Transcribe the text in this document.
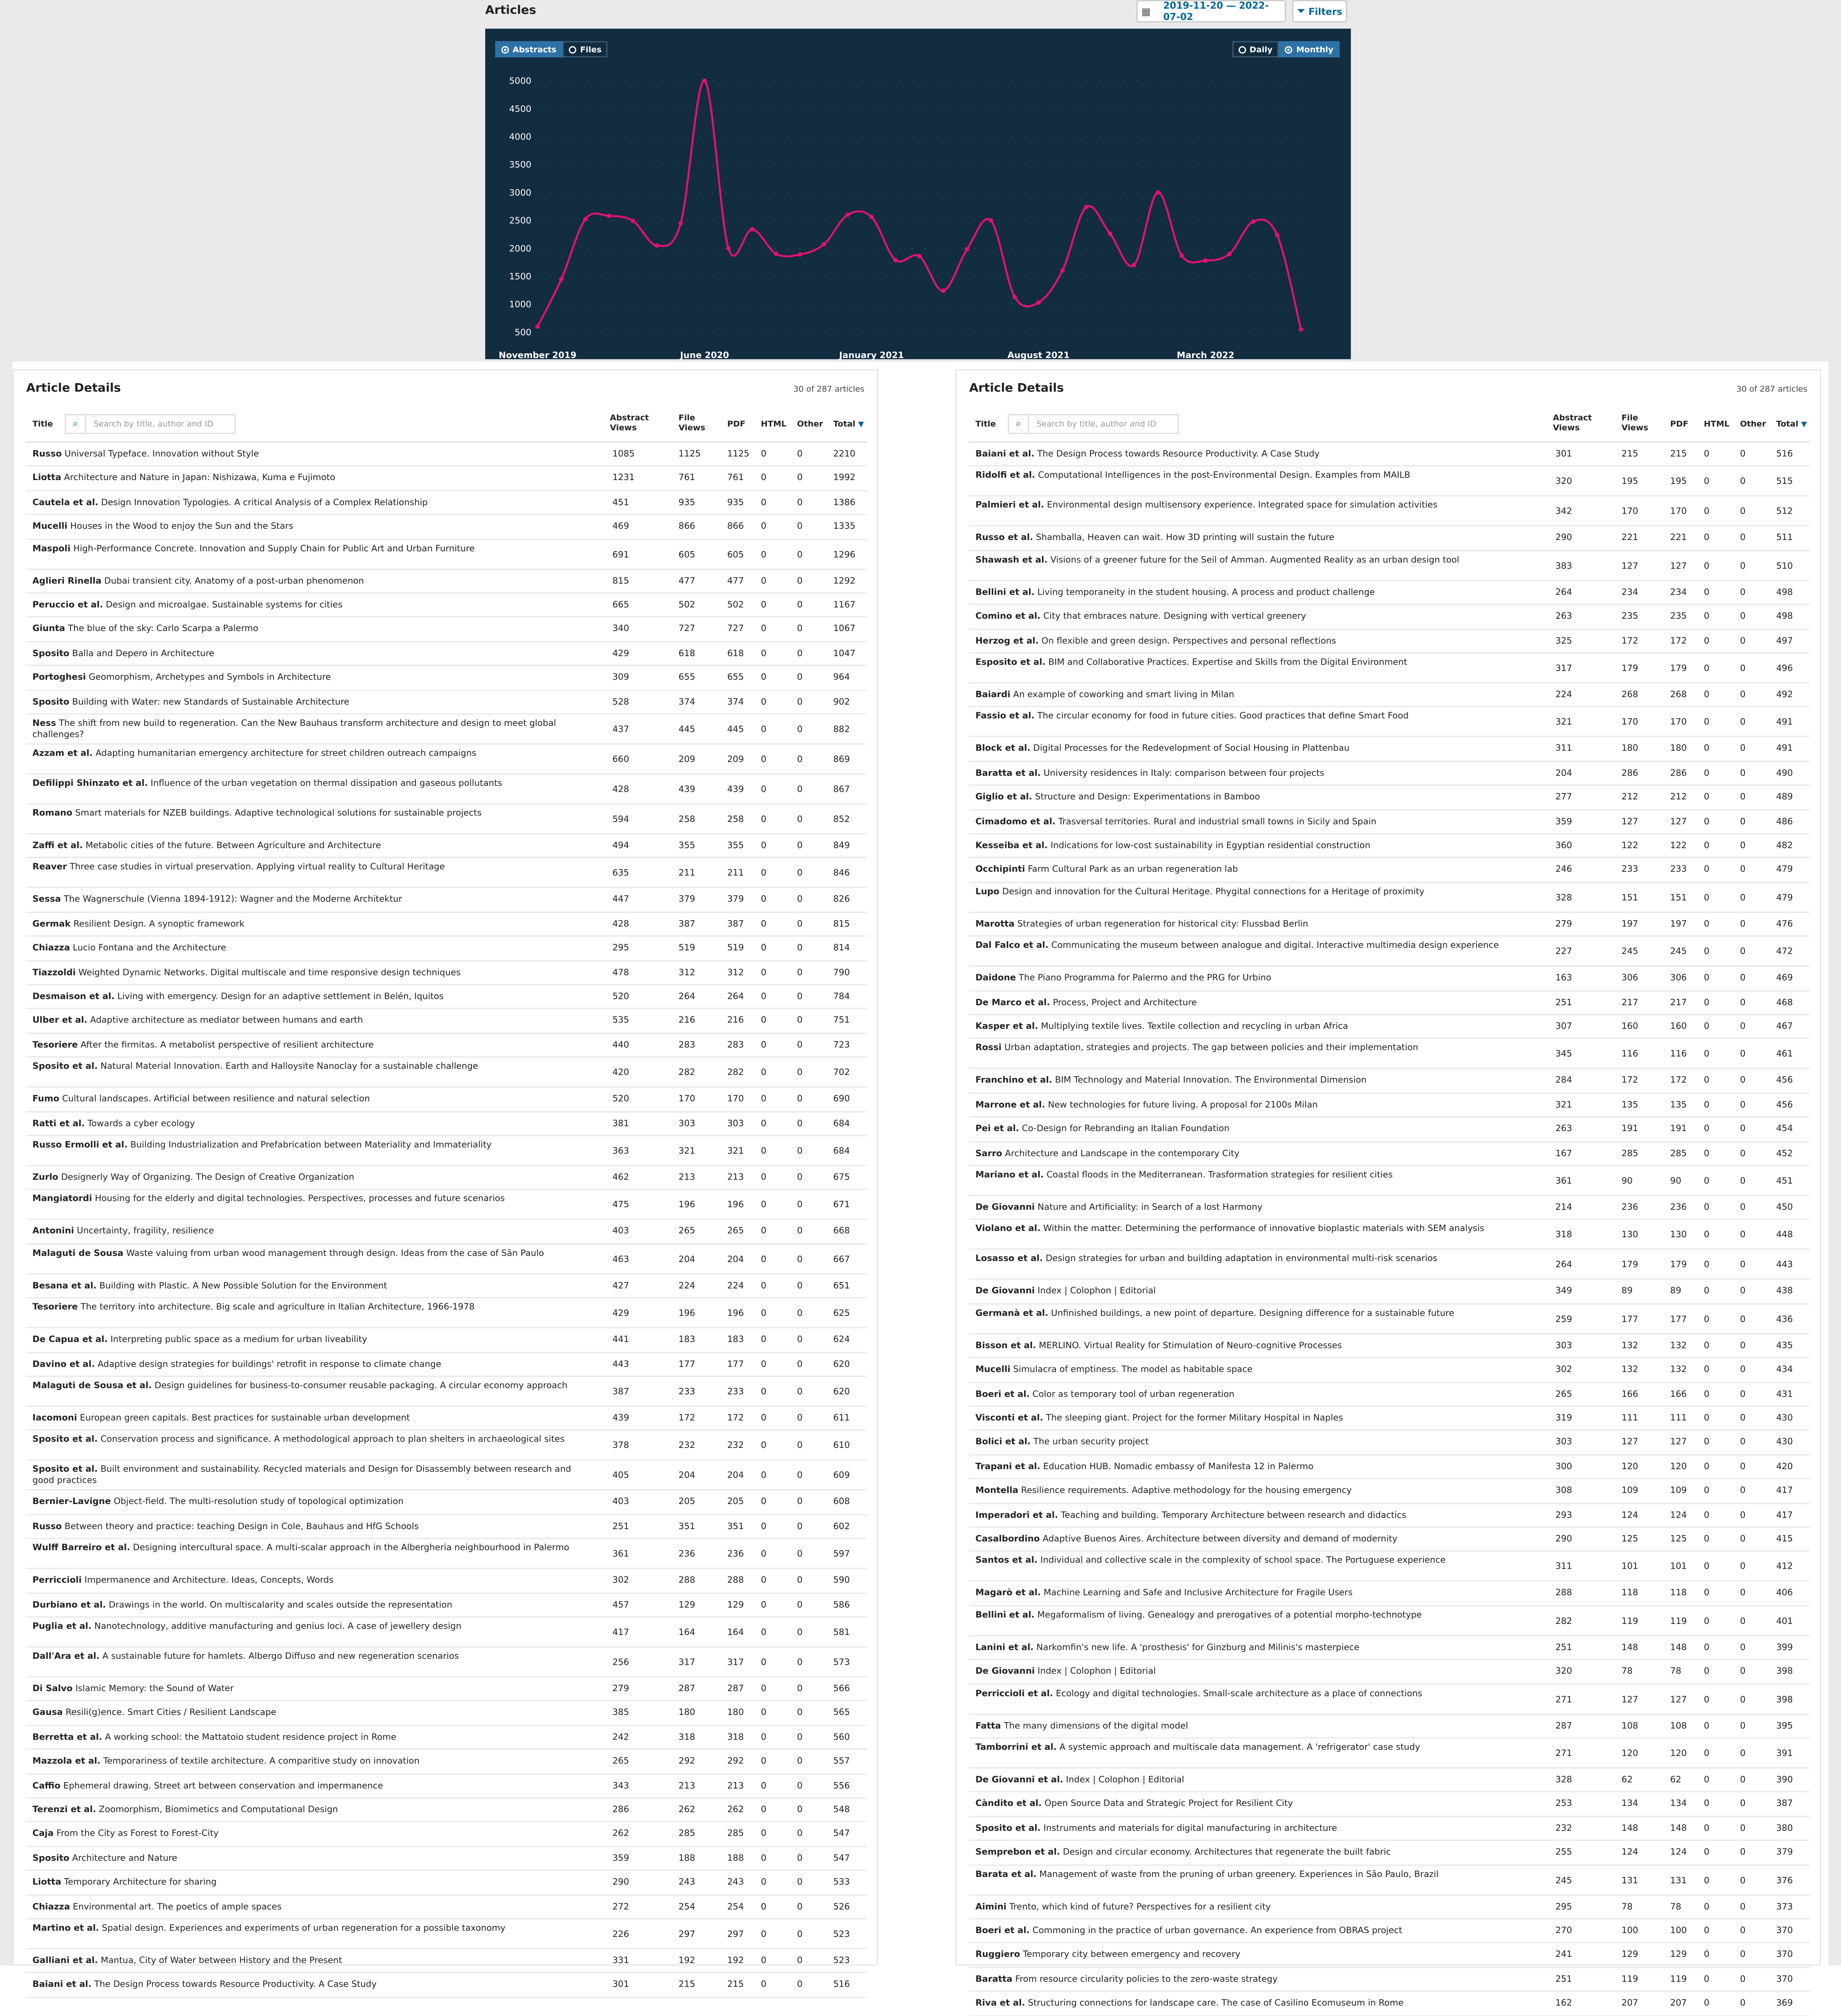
Articles	▦	2019-11-20 — 2022-07-02
⏷ Filters
Abstracts	Files	Daily	Monthly
500
1000
1500
2000
2500
3000
3500
4000
4500
5000
November 2019	June 2020	January 2021	August 2021	March 2022
Article Details	30 of 287 articles
Title	⌕
Search by title, author and ID	Abstract
Views
File
Views	PDF	HTML	Other	Total ▼
Russo Universal Typeface. Innovation without Style	1085	1125	1125	0	0	2210
Liotta Architecture and Nature in Japan: Nishizawa, Kuma e Fujimoto	1231	761	761	0	0	1992
Cautela et al. Design Innovation Typologies. A critical Analysis of a Complex Relationship	451	935	935	0	0	1386
Mucelli Houses in the Wood to enjoy the Sun and the Stars	469	866	866	0	0	1335
Maspoli High-Performance Concrete. Innovation and Supply Chain for Public Art and Urban Furniture
691	605	605	0	0	1296
Aglieri Rinella Dubai transient city. Anatomy of a post-urban phenomenon	815	477	477	0	0	1292
Peruccio et al. Design and microalgae. Sustainable systems for cities	665	502	502	0	0	1167
Giunta The blue of the sky: Carlo Scarpa a Palermo	340	727	727	0	0	1067
Sposito Balla and Depero in Architecture	429	618	618	0	0	1047
Portoghesi Geomorphism, Archetypes and Symbols in Architecture	309	655	655	0	0	964
Sposito Building with Water: new Standards of Sustainable Architecture	528	374	374	0	0	902
Ness The shift from new build to regeneration. Can the New Bauhaus transform architecture and design to meet global challenges?	437	445	445	0	0	882
Azzam et al. Adapting humanitarian emergency architecture for street children outreach campaigns
660	209	209	0	0	869
Defilippi Shinzato et al. Influence of the urban vegetation on thermal dissipation and gaseous pollutants
428	439	439	0	0	867
Romano Smart materials for NZEB buildings. Adaptive technological solutions for sustainable projects
594	258	258	0	0	852
Zaffi et al. Metabolic cities of the future. Between Agriculture and Architecture	494	355	355	0	0	849
Reaver Three case studies in virtual preservation. Applying virtual reality to Cultural Heritage
635	211	211	0	0	846
Sessa The Wagnerschule (Vienna 1894-1912): Wagner and the Moderne Architektur	447	379	379	0	0	826
Germak Resilient Design. A synoptic framework	428	387	387	0	0	815
Chiazza Lucio Fontana and the Architecture	295	519	519	0	0	814
Tiazzoldi Weighted Dynamic Networks. Digital multiscale and time responsive design techniques	478	312	312	0	0	790
Desmaison et al. Living with emergency. Design for an adaptive settlement in Belén, Iquitos	520	264	264	0	0	784
Ulber et al. Adaptive architecture as mediator between humans and earth	535	216	216	0	0	751
Tesoriere After the firmitas. A metabolist perspective of resilient architecture	440	283	283	0	0	723
Sposito et al. Natural Material Innovation. Earth and Halloysite Nanoclay for a sustainable challenge
420	282	282	0	0	702
Fumo Cultural landscapes. Artificial between resilience and natural selection	520	170	170	0	0	690
Ratti et al. Towards a cyber ecology	381	303	303	0	0	684
Russo Ermolli et al. Building Industrialization and Prefabrication between Materiality and Immateriality
363	321	321	0	0	684
Zurlo Designerly Way of Organizing. The Design of Creative Organization	462	213	213	0	0	675
Mangiatordi Housing for the elderly and digital technologies. Perspectives, processes and future scenarios
475	196	196	0	0	671
Antonini Uncertainty, fragility, resilience	403	265	265	0	0	668
Malaguti de Sousa Waste valuing from urban wood management through design. Ideas from the case of Sãn Paulo
463	204	204	0	0	667
Besana et al. Building with Plastic. A New Possible Solution for the Environment	427	224	224	0	0	651
Tesoriere The territory into architecture. Big scale and agriculture in Italian Architecture, 1966-1978
429	196	196	0	0	625
De Capua et al. Interpreting public space as a medium for urban liveability	441	183	183	0	0	624
Davino et al. Adaptive design strategies for buildings' retrofit in response to climate change	443	177	177	0	0	620
Malaguti de Sousa et al. Design guidelines for business-to-consumer reusable packaging. A circular economy approach
387	233	233	0	0	620
Iacomoni European green capitals. Best practices for sustainable urban development	439	172	172	0	0	611
Sposito et al. Conservation process and significance. A methodological approach to plan shelters in archaeological sites
378	232	232	0	0	610
Sposito et al. Built environment and sustainability. Recycled materials and Design for Disassembly between research and good practices	405	204	204	0	0	609
Bernier-Lavigne Object-field. The multi-resolution study of topological optimization	403	205	205	0	0	608
Russo Between theory and practice: teaching Design in Cole, Bauhaus and HfG Schools	251	351	351	0	0	602
Wulff Barreiro et al. Designing intercultural space. A multi-scalar approach in the Albergheria neighbourhood in Palermo
361	236	236	0	0	597
Perriccioli Impermanence and Architecture. Ideas, Concepts, Words	302	288	288	0	0	590
Durbiano et al. Drawings in the world. On multiscalarity and scales outside the representation	457	129	129	0	0	586
Puglia et al. Nanotechnology, additive manufacturing and genius loci. A case of jewellery design
417	164	164	0	0	581
Dall'Ara et al. A sustainable future for hamlets. Albergo Diffuso and new regeneration scenarios
256	317	317	0	0	573
Di Salvo Islamic Memory: the Sound of Water	279	287	287	0	0	566
Gausa Resili(g)ence. Smart Cities / Resilient Landscape	385	180	180	0	0	565
Berretta et al. A working school: the Mattatoio student residence project in Rome	242	318	318	0	0	560
Mazzola et al. Temporariness of textile architecture. A comparitive study on innovation	265	292	292	0	0	557
Caffio Ephemeral drawing. Street art between conservation and impermanence	343	213	213	0	0	556
Terenzi et al. Zoomorphism, Biomimetics and Computational Design	286	262	262	0	0	548
Caja From the City as Forest to Forest-City	262	285	285	0	0	547
Sposito Architecture and Nature	359	188	188	0	0	547
Liotta Temporary Architecture for sharing	290	243	243	0	0	533
Chiazza Environmental art. The poetics of ample spaces	272	254	254	0	0	526
Martino et al. Spatial design. Experiences and experiments of urban regeneration for a possible taxonomy
226	297	297	0	0	523
Galliani et al. Mantua, City of Water between History and the Present	331	192	192	0	0	523
Baiani et al. The Design Process towards Resource Productivity. A Case Study	301	215	215	0	0	516
Article Details	30 of 287 articles
Title	⌕
Search by title, author and ID	Abstract
Views
File
Views	PDF	HTML	Other	Total ▼
Baiani et al. The Design Process towards Resource Productivity. A Case Study	301	215	215	0	0	516
Ridolfi et al. Computational Intelligences in the post-Environmental Design. Examples from MAILB
320	195	195	0	0	515
Palmieri et al. Environmental design multisensory experience. Integrated space for simulation activities
342	170	170	0	0	512
Russo et al. Shamballa, Heaven can wait. How 3D printing will sustain the future	290	221	221	0	0	511
Shawash et al. Visions of a greener future for the Seil of Amman. Augmented Reality as an urban design tool
383	127	127	0	0	510
Bellini et al. Living temporaneity in the student housing. A process and product challenge	264	234	234	0	0	498
Comino et al. City that embraces nature. Designing with vertical greenery	263	235	235	0	0	498
Herzog et al. On flexible and green design. Perspectives and personal reflections	325	172	172	0	0	497
Esposito et al. BIM and Collaborative Practices. Expertise and Skills from the Digital Environment
317	179	179	0	0	496
Baiardi An example of coworking and smart living in Milan	224	268	268	0	0	492
Fassio et al. The circular economy for food in future cities. Good practices that define Smart Food
321	170	170	0	0	491
Block et al. Digital Processes for the Redevelopment of Social Housing in Plattenbau	311	180	180	0	0	491
Baratta et al. University residences in Italy: comparison between four projects	204	286	286	0	0	490
Giglio et al. Structure and Design: Experimentations in Bamboo	277	212	212	0	0	489
Cimadomo et al. Trasversal territories. Rural and industrial small towns in Sicily and Spain	359	127	127	0	0	486
Kesseiba et al. Indications for low-cost sustainability in Egyptian residential construction	360	122	122	0	0	482
Occhipinti Farm Cultural Park as an urban regeneration lab	246	233	233	0	0	479
Lupo Design and innovation for the Cultural Heritage. Phygital connections for a Heritage of proximity
328	151	151	0	0	479
Marotta Strategies of urban regeneration for historical city: Flussbad Berlin	279	197	197	0	0	476
Dal Falco et al. Communicating the museum between analogue and digital. Interactive multimedia design experience
227	245	245	0	0	472
Daidone The Piano Programma for Palermo and the PRG for Urbino	163	306	306	0	0	469
De Marco et al. Process, Project and Architecture	251	217	217	0	0	468
Kasper et al. Multiplying textile lives. Textile collection and recycling in urban Africa	307	160	160	0	0	467
Rossi Urban adaptation, strategies and projects. The gap between policies and their implementation
345	116	116	0	0	461
Franchino et al. BIM Technology and Material Innovation. The Environmental Dimension	284	172	172	0	0	456
Marrone et al. New technologies for future living. A proposal for 2100s Milan	321	135	135	0	0	456
Pei et al. Co-Design for Rebranding an Italian Foundation	263	191	191	0	0	454
Sarro Architecture and Landscape in the contemporary City	167	285	285	0	0	452
Mariano et al. Coastal floods in the Mediterranean. Trasformation strategies for resilient cities
361	90	90	0	0	451
De Giovanni Nature and Artificiality: in Search of a lost Harmony	214	236	236	0	0	450
Violano et al. Within the matter. Determining the performance of innovative bioplastic materials with SEM analysis
318	130	130	0	0	448
Losasso et al. Design strategies for urban and building adaptation in environmental multi-risk scenarios
264	179	179	0	0	443
De Giovanni Index | Colophon | Editorial	349	89	89	0	0	438
Germanà et al. Unfinished buildings, a new point of departure. Designing difference for a sustainable future
259	177	177	0	0	436
Bisson et al. MERLINO. Virtual Reality for Stimulation of Neuro-cognitive Processes	303	132	132	0	0	435
Mucelli Simulacra of emptiness. The model as habitable space	302	132	132	0	0	434
Boeri et al. Color as temporary tool of urban regeneration	265	166	166	0	0	431
Visconti et al. The sleeping giant. Project for the former Military Hospital in Naples	319	111	111	0	0	430
Bolici et al. The urban security project	303	127	127	0	0	430
Trapani et al. Education HUB. Nomadic embassy of Manifesta 12 in Palermo	300	120	120	0	0	420
Montella Resilience requirements. Adaptive methodology for the housing emergency	308	109	109	0	0	417
Imperadori et al. Teaching and building. Temporary Architecture between research and didactics	293	124	124	0	0	417
Casalbordino Adaptive Buenos Aires. Architecture between diversity and demand of modernity	290	125	125	0	0	415
Santos et al. Individual and collective scale in the complexity of school space. The Portuguese experience
311	101	101	0	0	412
Magarò et al. Machine Learning and Safe and Inclusive Architecture for Fragile Users	288	118	118	0	0	406
Bellini et al. Megaformalism of living. Genealogy and prerogatives of a potential morpho-technotype
282	119	119	0	0	401
Lanini et al. Narkomfin's new life. A 'prosthesis' for Ginzburg and Milinis's masterpiece	251	148	148	0	0	399
De Giovanni Index | Colophon | Editorial	320	78	78	0	0	398
Perriccioli et al. Ecology and digital technologies. Small-scale architecture as a place of connections
271	127	127	0	0	398
Fatta The many dimensions of the digital model	287	108	108	0	0	395
Tamborrini et al. A systemic approach and multiscale data management. A 'refrigerator' case study
271	120	120	0	0	391
De Giovanni et al. Index | Colophon | Editorial	328	62	62	0	0	390
Càndito et al. Open Source Data and Strategic Project for Resilient City	253	134	134	0	0	387
Sposito et al. Instruments and materials for digital manufacturing in architecture	232	148	148	0	0	380
Semprebon et al. Design and circular economy. Architectures that regenerate the built fabric	255	124	124	0	0	379
Barata et al. Management of waste from the pruning of urban greenery. Experiences in São Paulo, Brazil
245	131	131	0	0	376
Aimini Trento, which kind of future? Perspectives for a resilient city	295	78	78	0	0	373
Boeri et al. Commoning in the practice of urban governance. An experience from OBRAS project	270	100	100	0	0	370
Ruggiero Temporary city between emergency and recovery	241	129	129	0	0	370
Baratta From resource circularity policies to the zero-waste strategy	251	119	119	0	0	370
Riva et al. Structuring connections for landscape care. The case of Casilino Ecomuseum in Rome	162	207	207	0	0	369
